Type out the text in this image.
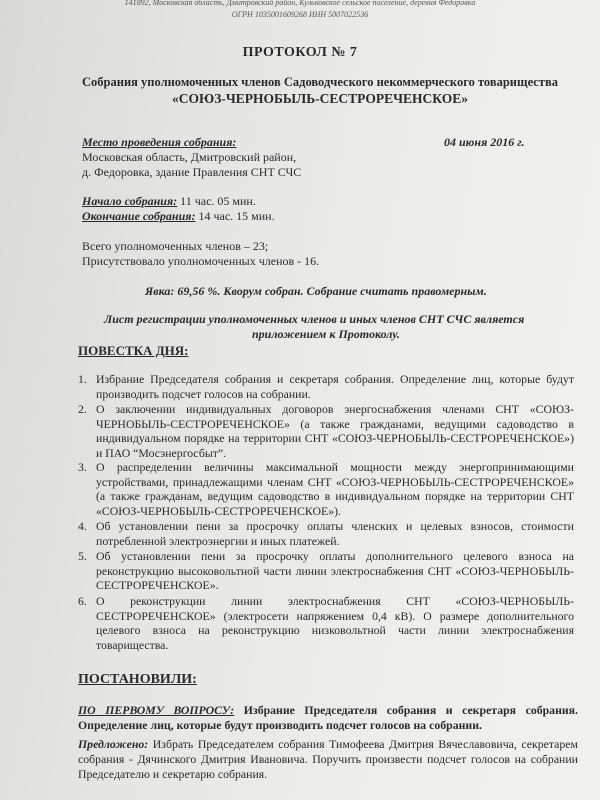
141892, Московская область, Дмитровский район, Кульковское сельское поселение, деревня Федоровка
ОГРН 1035001609268 ИНН 5007022536
ПРОТОКОЛ № 7
Собрания уполномоченных членов Садоводческого некоммерческого товарищества
«СОЮЗ-ЧЕРНОБЫЛЬ-СЕСТРОРЕЧЕНСКОЕ»
Место проведения собрания:	04 июня 2016 г.
Московская область, Дмитровский район,
д. Федоровка, здание Правления СНТ СЧС
Начало собрания: 11 час. 05 мин.
Окончание собрания: 14 час. 15 мин.
Всего уполномоченных членов – 23;
Присутствовало уполномоченных членов - 16.
Явка: 69,56 %. Кворум собран. Собрание считать правомерным.
Лист регистрации уполномоченных членов и иных членов СНТ СЧС является
приложением к Протоколу.
ПОВЕСТКА ДНЯ:
1. Избрание Председателя собрания и секретаря собрания. Определение лиц, которые будут производить подсчет голосов на собрании.
2. О заключении индивидуальных договоров энергоснабжения членами СНТ «СОЮЗ-ЧЕРНОБЫЛЬ-СЕСТРОРЕЧЕНСКОЕ» (а также гражданами, ведущими садоводство в индивидуальном порядке на территории СНТ «СОЮЗ-ЧЕРНОБЫЛЬ-СЕСТРОРЕЧЕНСКОЕ») и ПАО “Мосэнергосбыт”.
3. О распределении величины максимальной мощности между энергопринимающими устройствами, принадлежащими членам СНТ «СОЮЗ-ЧЕРНОБЫЛЬ-СЕСТРОРЕЧЕНСКОЕ» (а также гражданам, ведущим садоводство в индивидуальном порядке на территории СНТ «СОЮЗ-ЧЕРНОБЫЛЬ-СЕСТРОРЕЧЕНСКОЕ»).
4. Об установлении пени за просрочку оплаты членских и целевых взносов, стоимости потребленной электроэнергии и иных платежей.
5. Об установлении пени за просрочку оплаты дополнительного целевого взноса на реконструкцию высоковольтной части линии электроснабжения СНТ «СОЮЗ-ЧЕРНОБЫЛЬ-СЕСТРОРЕЧЕНСКОЕ».
6. О реконструкции линии электроснабжения СНТ «СОЮЗ-ЧЕРНОБЫЛЬ-СЕСТРОРЕЧЕНСКОЕ» (электросети напряжением 0,4 кВ). О размере дополнительного целевого взноса на реконструкцию низковольтной части линии электроснабжения товарищества.
ПОСТАНОВИЛИ:
ПО ПЕРВОМУ ВОПРОСУ: Избрание Председателя собрания и секретаря собрания. Определение лиц, которые будут производить подсчет голосов на собрании.
Предложено: Избрать Председателем собрания Тимофеева Дмитрия Вячеславовича, секретарем собрания - Дячинского Дмитрия Ивановича. Поручить произвести подсчет голосов на собрании Председателю и секретарю собрания.
